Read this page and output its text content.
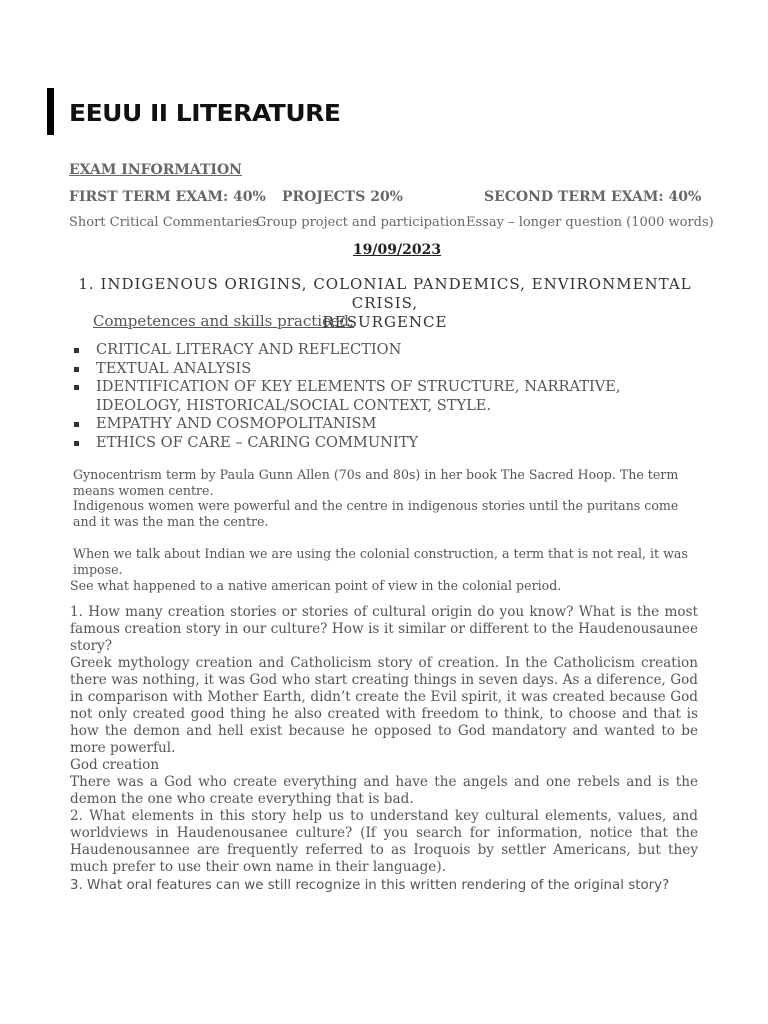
EEUU II LITERATURE
EXAM INFORMATION
FIRST TERM EXAM: 40% PROJECTS 20%	SECOND TERM EXAM: 40%
Short Critical Commentaries
Group project and participation Essay – longer question (1000 words)
19/09/2023
1. INDIGENOUS ORIGINS, COLONIAL PANDEMICS, ENVIRONMENTAL CRISIS,
RESURGENCE
Competences and skills practiced:
CRITICAL LITERACY AND REFLECTION
TEXTUAL ANALYSIS
IDENTIFICATION OF KEY ELEMENTS OF STRUCTURE, NARRATIVE, IDEOLOGY, HISTORICAL/SOCIAL CONTEXT, STYLE.
EMPATHY AND COSMOPOLITANISM
ETHICS OF CARE – CARING COMMUNITY

Gynocentrism term by Paula Gunn Allen (70s and 80s) in her book The Sacred Hoop. The term means women centre.

Indigenous women were powerful and the centre in indigenous stories until the puritans come and it was the man the centre.

When we talk about Indian we are using the colonial construction, a term that is not real, it was impose.

See what happened to a native american point of view in the colonial period.

1. How many creation stories or stories of cultural origin do you know? What is the most famous creation story in our culture? How is it similar or different to the Haudenousaunee story?

Greek mythology creation and Catholicism story of creation. In the Catholicism creation there was nothing, it was God who start creating things in seven days. As a diference, God in comparison with Mother Earth, didn’t create the Evil spirit, it was created because God not only created good thing he also created with freedom to think, to choose and that is how the demon and hell exist because he opposed to God mandatory and wanted to be more powerful.

God creation

There was a God who create everything and have the angels and one rebels and is the demon the one who create everything that is bad.

2. What elements in this story help us to understand key cultural elements, values, and worldviews in Haudenousanee culture? (If you search for information, notice that the Haudenousannee are frequently referred to as Iroquois by settler Americans, but they much prefer to use their own name in their language).

3. What oral features can we still recognize in this written rendering of the original story?
